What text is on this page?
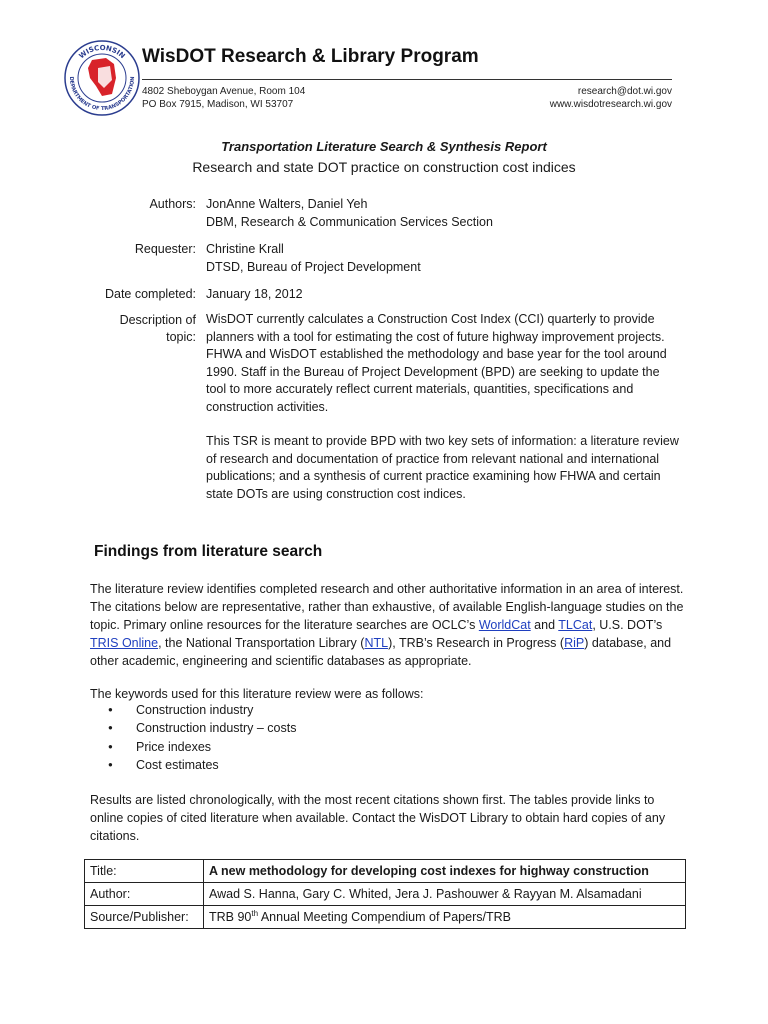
WISCONSIN
DEPARTMENT OF TRANSPORTATION
WisDOT Research & Library Program
4802 Sheboygan Avenue, Room 104
PO Box 7915, Madison, WI 53707
research@dot.wi.gov
www.wisdotresearch.wi.gov
Transportation Literature Search & Synthesis Report
Research and state DOT practice on construction cost indices
Authors: JonAnne Walters, Daniel Yeh
DBM, Research & Communication Services Section
Requester: Christine Krall
DTSD, Bureau of Project Development
Date completed: January 18, 2012
Description of
topic:
WisDOT currently calculates a Construction Cost Index (CCI) quarterly to provide planners with a tool for estimating the cost of future highway improvement projects. FHWA and WisDOT established the methodology and base year for the tool around 1990. Staff in the Bureau of Project Development (BPD) are seeking to update the tool to more accurately reflect current materials, quantities, specifications and construction activities.
This TSR is meant to provide BPD with two key sets of information: a literature review of research and documentation of practice from relevant national and international publications; and a synthesis of current practice examining how FHWA and certain state DOTs are using construction cost indices.
Findings from literature search
The literature review identifies completed research and other authoritative information in an area of interest. The citations below are representative, rather than exhaustive, of available English-language studies on the topic. Primary online resources for the literature searches are OCLC’s WorldCat and TLCat, U.S. DOT’s TRIS Online, the National Transportation Library (NTL), TRB’s Research in Progress (RiP) database, and other academic, engineering and scientific databases as appropriate.
The keywords used for this literature review were as follows:
● Construction industry
● Construction industry – costs
● Price indexes
● Cost estimates
Results are listed chronologically, with the most recent citations shown first. The tables provide links to online copies of cited literature when available. Contact the WisDOT Library to obtain hard copies of any citations.
Title:	A new methodology for developing cost indexes for highway construction
Author:	Awad S. Hanna, Gary C. Whited, Jera J. Pashouwer & Rayyan M. Alsamadani
Source/Publisher:	TRB 90th Annual Meeting Compendium of Papers/TRB
